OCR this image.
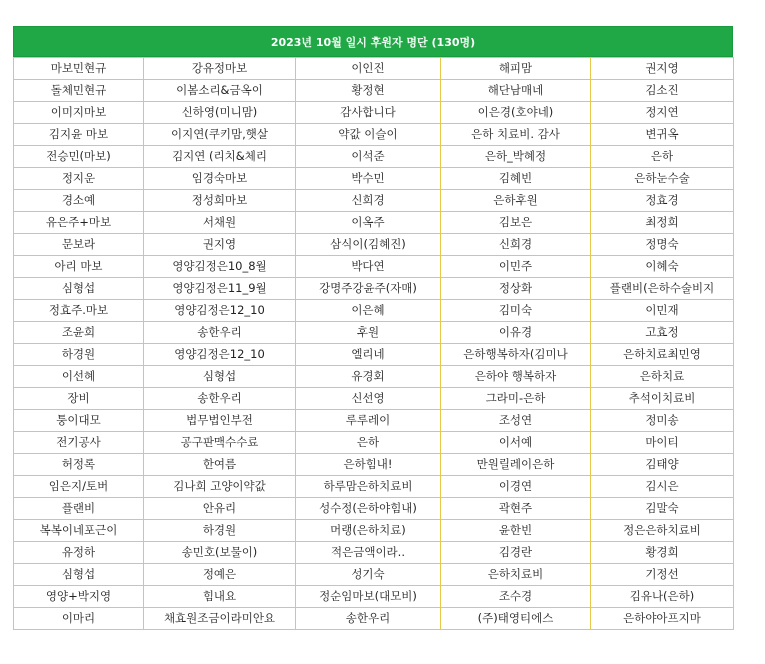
2023년 10월 일시 후원자 명단 (130명)
마보민현규	강유정마보	이인진	해피맘	권지영
돌체민현규	이봄소리&금옥이	황정현	해단남매네	김소진
이미지마보	신하영(미니맘)	감사합니다	이은경(호야네)	정지연
김지윤 마보	이지연(쿠키맘,햇살	약값 이슬이	은하 치료비. 감사	변귀옥
전승민(마보)	김지연 (리치&체리	이석준	은하_박혜정	은하
정지운	임경숙마보	박수민	김혜빈	은하눈수술
경소예	정성희마보	신희경	은하후원	정효경
유은주+마보	서채원	이옥주	김보은	최정희
문보라	권지영	삼식이(김혜진)	신희경	정명숙
아리 마보	영양김정은10_8월	박다연	이민주	이혜숙
심형섭	영양김정은11_9월	강명주강윤주(자매)	정상화	플랜비(은하수술비지
정효주.마보	영양김정은12_10	이은혜	김미숙	이민재
조윤희	송한우리	후원	이유경	고효정
하경원	영양김정은12_10	엘리네	은하행복하자(김미나	은하치료최민영
이선혜	심형섭	유경회	은하야 행복하자	은하치료
장비	송한우리	신선영	그라미-은하	추석이치료비
퉁이대모	법무법인부전	루루레이	조성연	정미송
전기공사	공구판맥수수료	은하	이서예	마이티
허정록	한여름	은하힘내!	만원릴레이은하	김태양
임은지/토버	김나희 고양이약값	하루맘은하치료비	이경연	김시은
플랜비	안유리	성수정(은하야힘내)	곽현주	김말숙
복복이네포근이	하경원	머랭(은하치료)	윤한빈	정은은하치료비
유정하	송민호(보물이)	적은금액이라..	김경란	황경희
심형섭	정예은	성기숙	은하치료비	기정선
영양+박지영	힘내요	정순임마보(대모비)	조수경	김유나(은하)
이마리	채효원조금이라미안요	송한우리	(주)태영티에스	은하야아프지마
